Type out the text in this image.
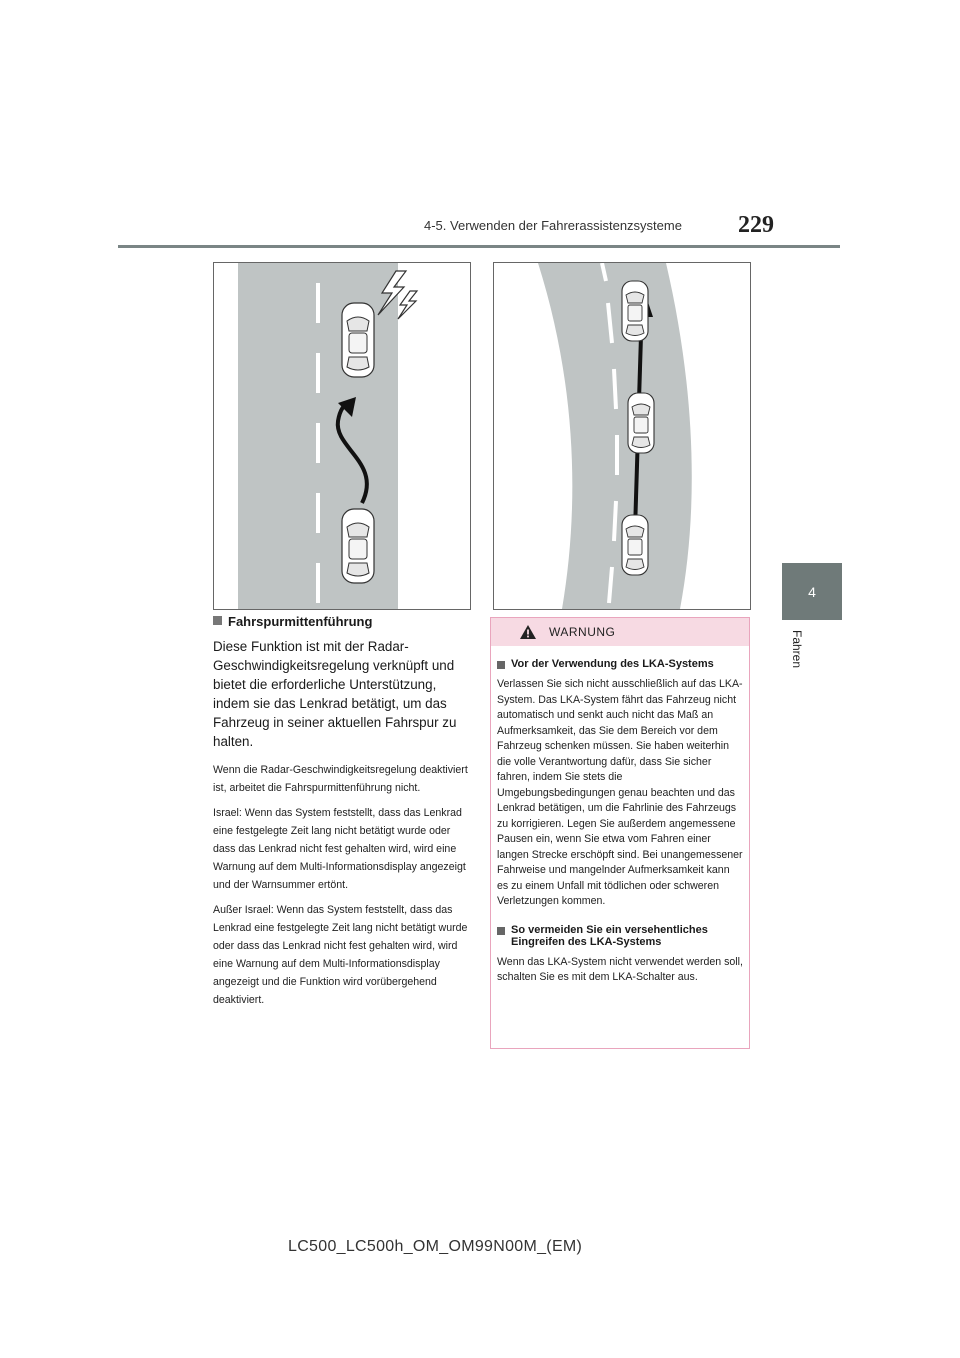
4-5. Verwenden der Fahrerassistenzsysteme 229
4
Fahren
Fahrspurmittenführung

Diese Funktion ist mit der Radar-Geschwindigkeitsregelung verknüpft und bietet die erforderliche Unterstützung, indem sie das Lenkrad betätigt, um das Fahrzeug in seiner aktuellen Fahrspur zu halten.

Wenn die Radar-Geschwindigkeitsregelung deaktiviert ist, arbeitet die Fahrspurmittenführung nicht.

Israel: Wenn das System feststellt, dass das Lenkrad eine festgelegte Zeit lang nicht betätigt wurde oder dass das Lenkrad nicht fest gehalten wird, wird eine Warnung auf dem Multi-Informationsdisplay angezeigt und der Warnsummer ertönt.

Außer Israel: Wenn das System feststellt, dass das Lenkrad eine festgelegte Zeit lang nicht betätigt wurde oder dass das Lenkrad nicht fest gehalten wird, wird eine Warnung auf dem Multi-Informationsdisplay angezeigt und die Funktion wird vorübergehend deaktiviert.

WARNUNG
Vor der Verwendung des LKA-Systems

Verlassen Sie sich nicht ausschließlich auf das LKA-System. Das LKA-System fährt das Fahrzeug nicht automatisch und senkt auch nicht das Maß an Aufmerksamkeit, das Sie dem Bereich vor dem Fahrzeug schenken müssen. Sie haben weiterhin die volle Verantwortung dafür, dass Sie sicher fahren, indem Sie stets die Umgebungsbedingungen genau beachten und das Lenkrad betätigen, um die Fahrlinie des Fahrzeugs zu korrigieren. Legen Sie außerdem angemessene Pausen ein, wenn Sie etwa vom Fahren einer langen Strecke erschöpft sind. Bei unangemessener Fahrweise und mangelnder Aufmerksamkeit kann es zu einem Unfall mit tödlichen oder schweren Verletzungen kommen.

So vermeiden Sie ein versehentliches Eingreifen des LKA-Systems

Wenn das LKA-System nicht verwendet werden soll, schalten Sie es mit dem LKA-Schalter aus.

LC500_LC500h_OM_OM99N00M_(EM)
